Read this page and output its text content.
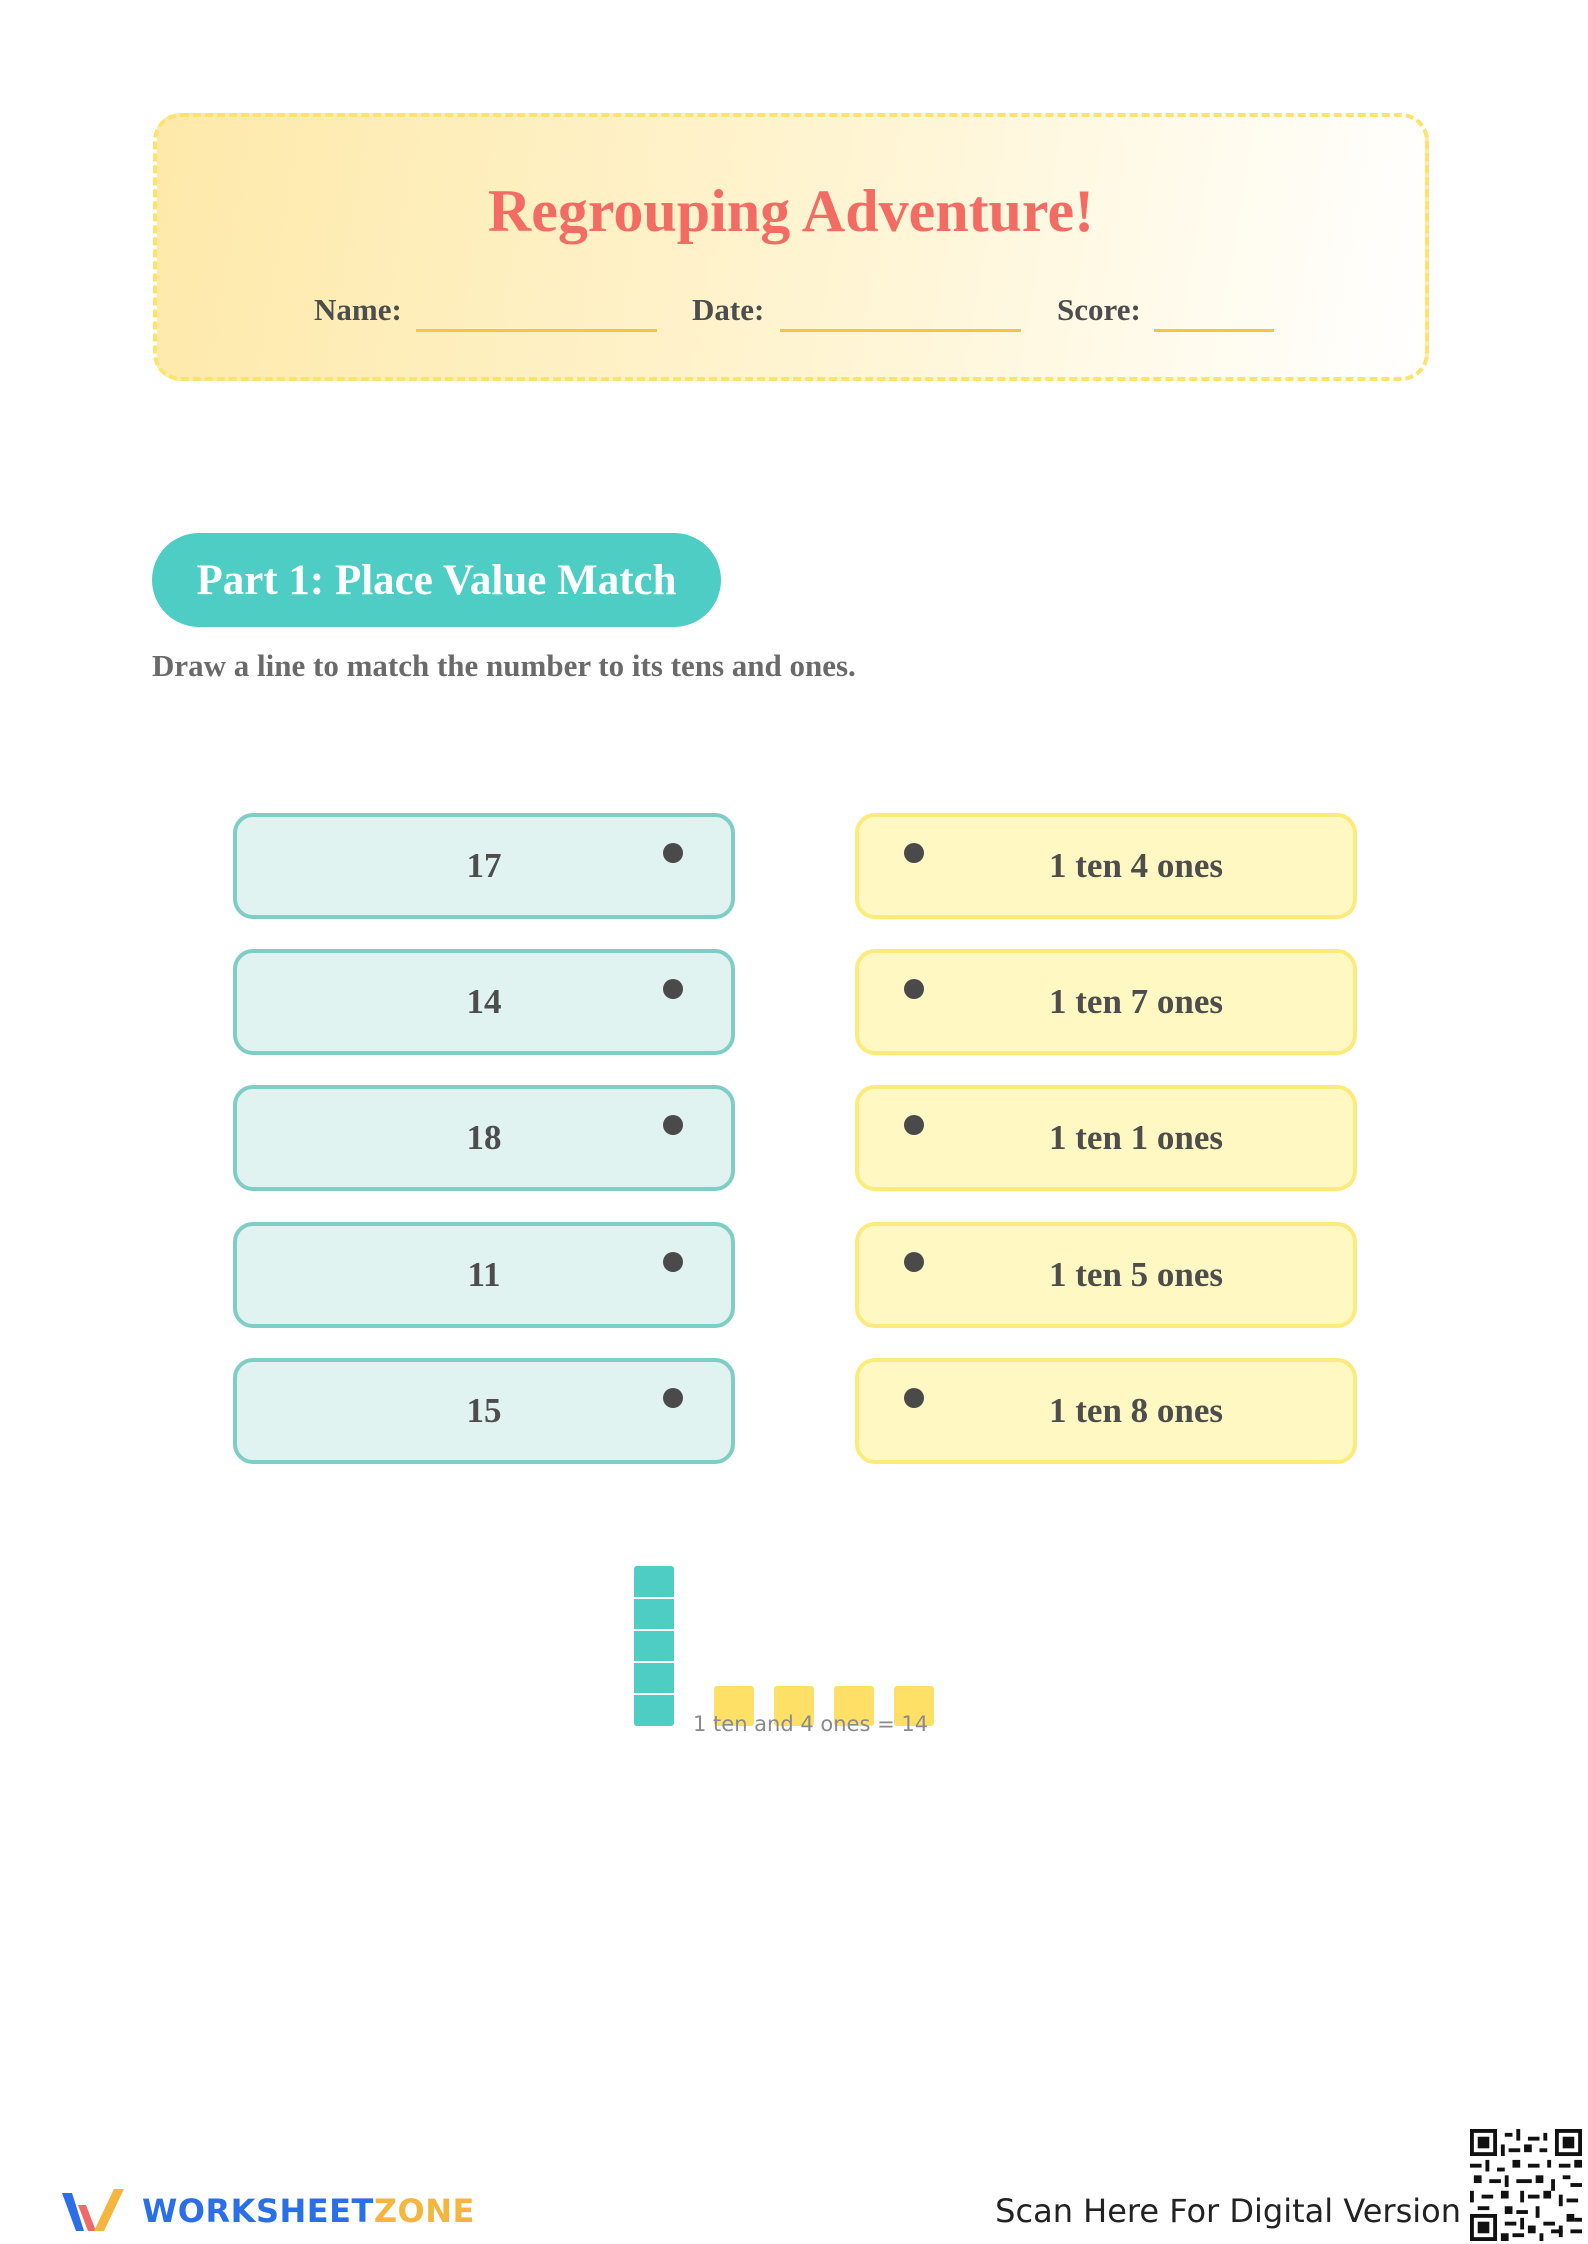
Regrouping Adventure!
Name:	Date:	Score:
Part 1: Place Value Match
Draw a line to match the number to its tens and ones.
17
14
18
11
15
1 ten 4 ones
1 ten 7 ones
1 ten 1 ones
1 ten 5 ones
1 ten 8 ones
1 ten and 4 ones = 14
WORKSHEETZONE	Scan Here For Digital Version
